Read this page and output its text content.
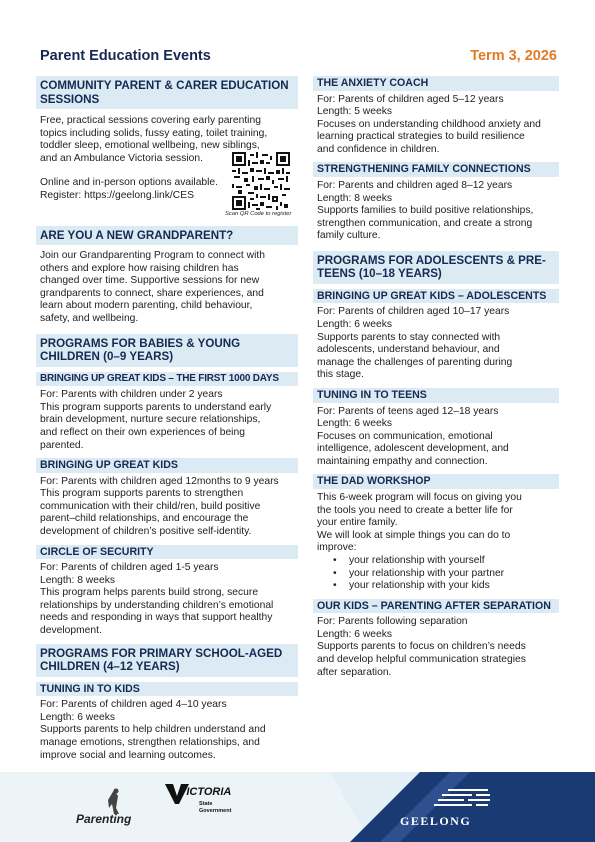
Parent Education Events	Term 3, 2026
COMMUNITY PARENT & CARER EDUCATION SESSIONS
Free, practical sessions covering early parenting
topics including solids, fussy eating, toilet training,
toddler sleep, emotional wellbeing, new siblings,
and an Ambulance Victoria session.
Online and in-person options available.
Register: https://geelong.link/CES
ARE YOU A NEW GRANDPARENT?
Join our Grandparenting Program to connect with
others and explore how raising children has
changed over time. Supportive sessions for new
grandparents to connect, share experiences, and
learn about modern parenting, child behaviour,
safety, and wellbeing.
PROGRAMS FOR BABIES & YOUNG CHILDREN (0–9 YEARS)
BRINGING UP GREAT KIDS – THE FIRST 1000 DAYS
For: Parents with children under 2 years
This program supports parents to understand early
brain development, nurture secure relationships,
and reflect on their own experiences of being
parented.
BRINGING UP GREAT KIDS
For: Parents with children aged 12months to 9 years
This program supports parents to strengthen
communication with their child/ren, build positive
parent–child relationships, and encourage the
development of children’s positive self-identity.
CIRCLE OF SECURITY
For: Parents of children aged 1-5 years
Length: 8 weeks
This program helps parents build strong, secure
relationships by understanding children’s emotional
needs and responding in ways that support healthy
development.
PROGRAMS FOR PRIMARY SCHOOL-AGED CHILDREN (4–12 YEARS)
TUNING IN TO KIDS
For: Parents of children aged 4–10 years
Length: 6 weeks
Supports parents to help children understand and
manage emotions, strengthen relationships, and
improve social and learning outcomes.
Scan QR Code to register
THE ANXIETY COACH
For: Parents of children aged 5–12 years
Length: 5 weeks
Focuses on understanding childhood anxiety and
learning practical strategies to build resilience
and confidence in children.
STRENGTHENING FAMILY CONNECTIONS
For: Parents and children aged 8–12 years
Length: 8 weeks
Supports families to build positive relationships,
strengthen communication, and create a strong
family culture.
PROGRAMS FOR ADOLESCENTS & PRE-TEENS (10–18 YEARS)
BRINGING UP GREAT KIDS – ADOLESCENTS
For: Parents of children aged 10–17 years
Length: 6 weeks
Supports parents to stay connected with
adolescents, understand behaviour, and
manage the challenges of parenting during
this stage.
TUNING IN TO TEENS
For: Parents of teens aged 12–18 years
Length: 6 weeks
Focuses on communication, emotional
intelligence, adolescent development, and
maintaining empathy and connection.
THE DAD WORKSHOP
This 6-week program will focus on giving you
the tools you need to create a better life for
your entire family.
We will look at simple things you can do to
improve:
• your relationship with yourself
• your relationship with your partner
• your relationship with your kids
OUR KIDS – PARENTING AFTER SEPARATION
For: Parents following separation
Length: 6 weeks
Supports parents to focus on children’s needs
and develop helpful communication strategies
after separation.
Parenting
VICTORIA
State Government
GEELONG
